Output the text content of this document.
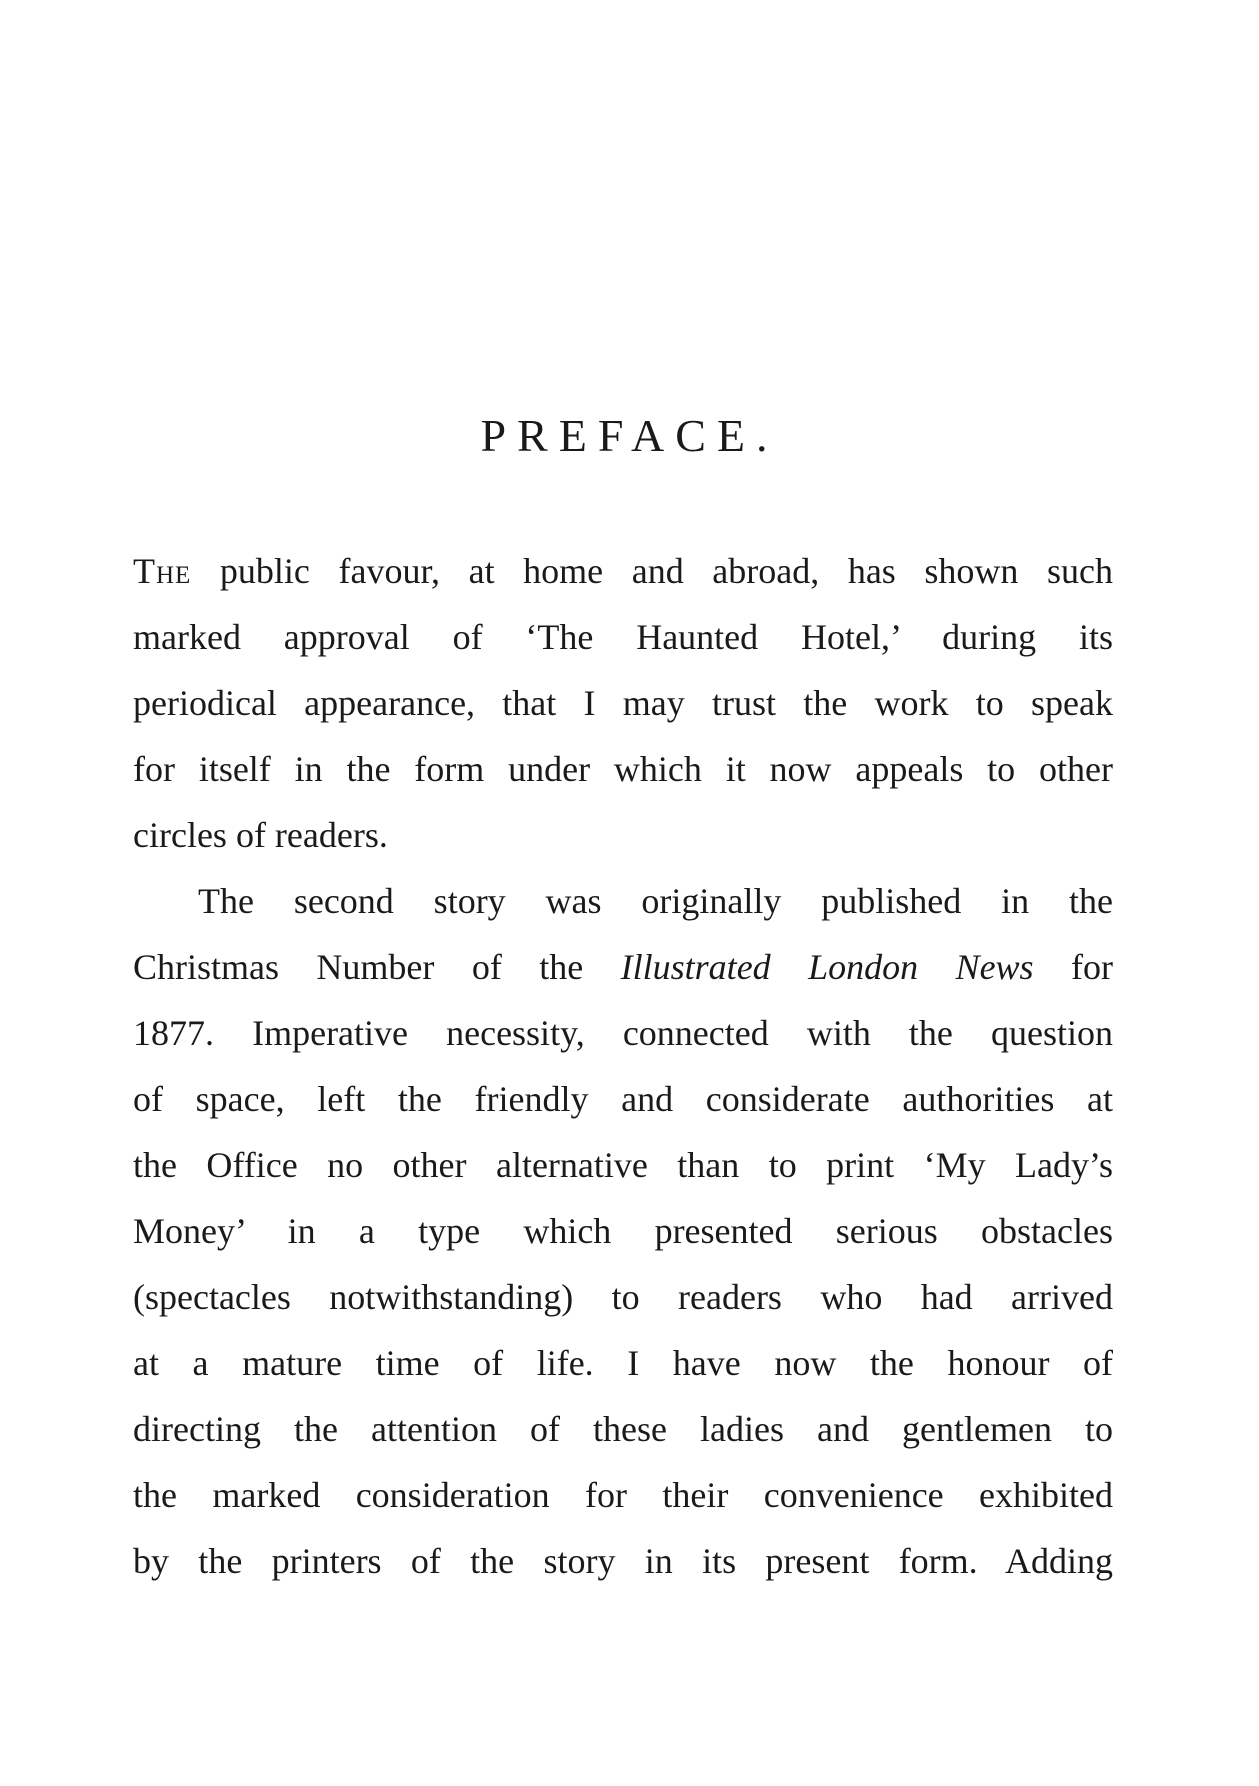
PREFACE.
The public favour, at home and abroad, has shown such
marked approval of ‘The Haunted Hotel,’ during its
periodical appearance, that I may trust the work to speak
for itself in the form under which it now appeals to other
circles of readers.
The second story was originally published in the
Christmas Number of the Illustrated London News for
1877. Imperative necessity, connected with the question
of space, left the friendly and considerate authorities at
the Office no other alternative than to print ‘My Lady’s
Money’ in a type which presented serious obstacles
(spectacles notwithstanding) to readers who had arrived
at a mature time of life. I have now the honour of
directing the attention of these ladies and gentlemen to
the marked consideration for their convenience exhibited
by the printers of the story in its present form. Adding
